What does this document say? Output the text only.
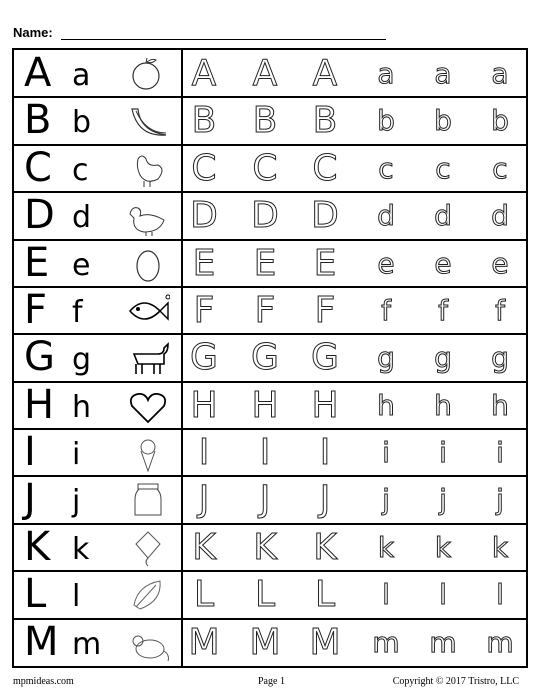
Name:
A a	A	A A	a	a	a
B b	B	B B	b	b	b
C c	C C C	c	c	c
D d	D D D	d	d	d
E e	E	E	E	e	e	e
F f	F	F	F	f	f	f
G g	G G G	g	g	g
H h	H H H	h	h	h
I i	I	I	I	i	i	i
J j	J	J	J	j	j	j
K k	K	K	K	k	k	k
L l	L	L	L	l	l	l
M m	M M M	m	m	m
mpmideas.com	Page 1	Copyright © 2017 Tristro, LLC
